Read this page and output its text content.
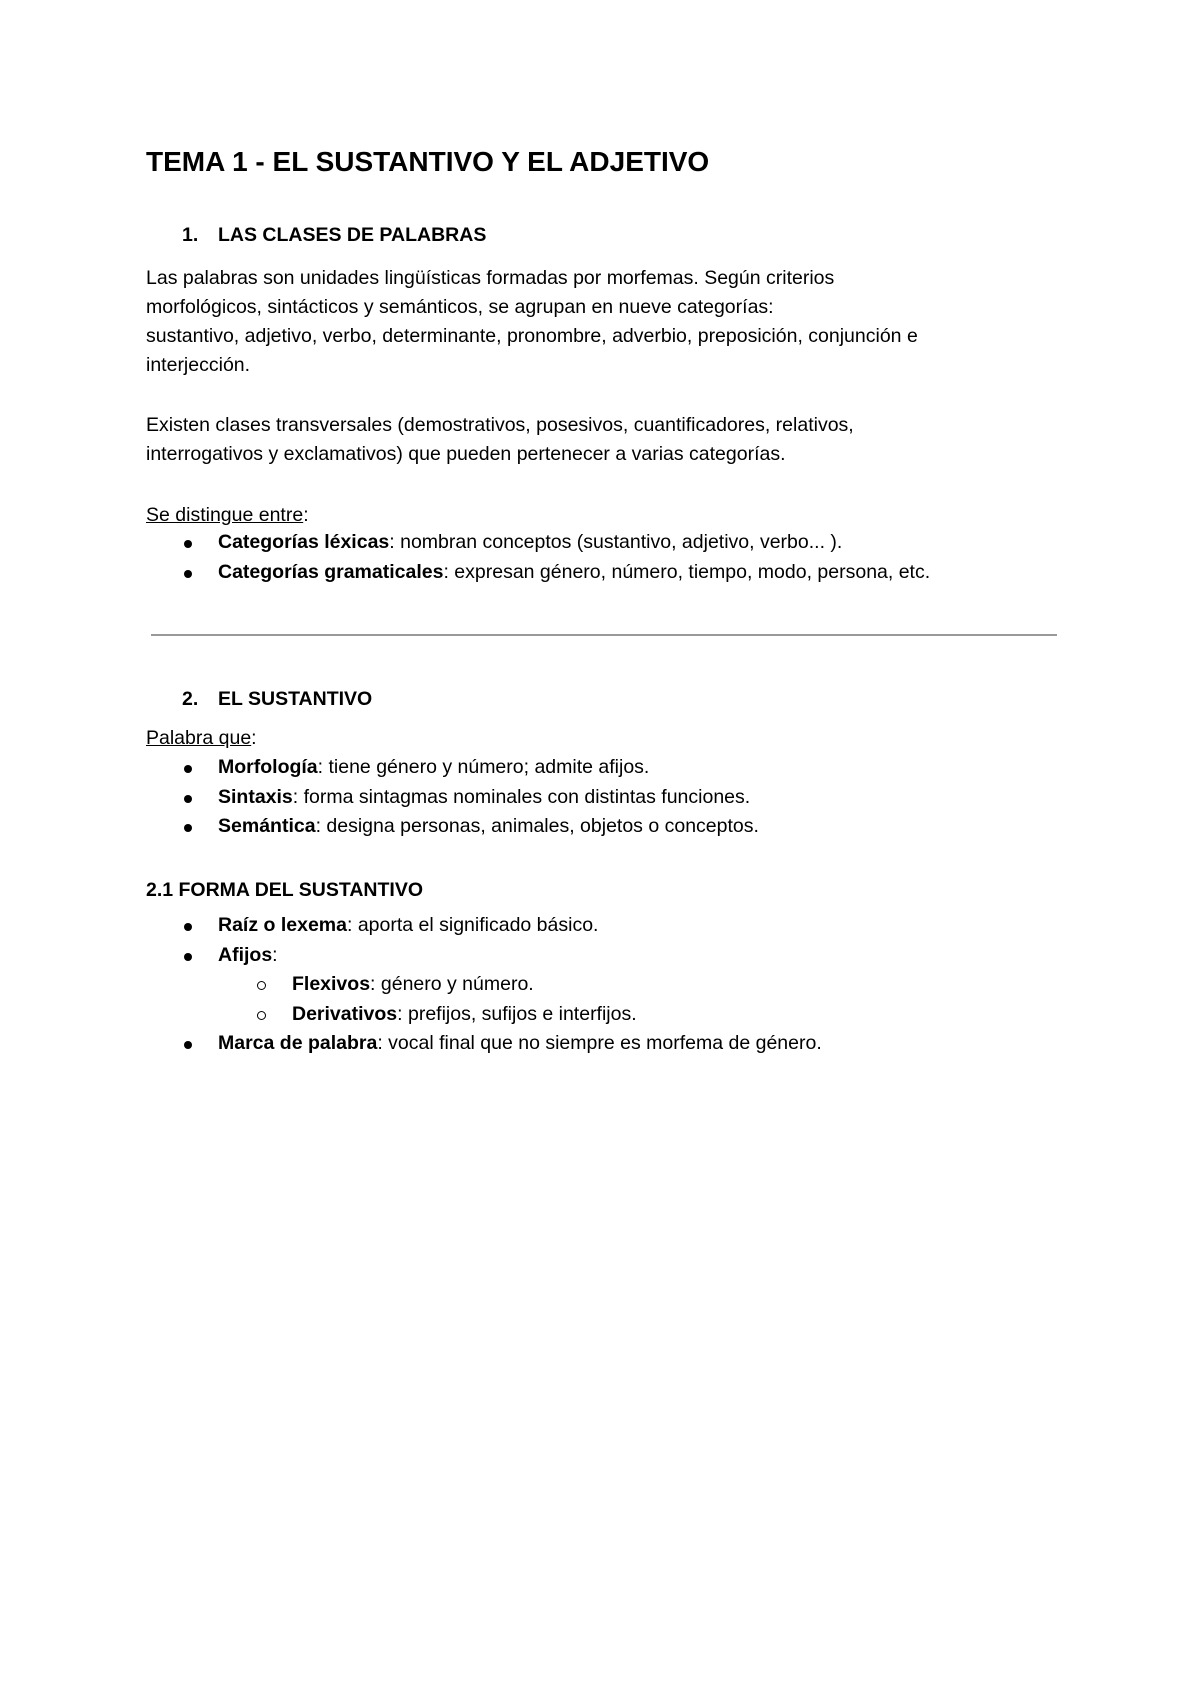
TEMA 1 - EL SUSTANTIVO Y EL ADJETIVO
1. LAS CLASES DE PALABRAS

Las palabras son unidades lingüísticas formadas por morfemas. Según criterios
morfológicos, sintácticos y semánticos, se agrupan en nueve categorías:
sustantivo, adjetivo, verbo, determinante, pronombre, adverbio, preposición, conjunción e
interjección.

Existen clases transversales (demostrativos, posesivos, cuantificadores, relativos,
interrogativos y exclamativos) que pueden pertenecer a varias categorías.

Se distingue entre:

Categorías léxicas: nombran conceptos (sustantivo, adjetivo, verbo... ).
Categorías gramaticales: expresan género, número, tiempo, modo, persona, etc.
2. EL SUSTANTIVO

Palabra que:

Morfología: tiene género y número; admite afijos.
Sintaxis: forma sintagmas nominales con distintas funciones.
Semántica: designa personas, animales, objetos o conceptos.
2.1 FORMA DEL SUSTANTIVO
Raíz o lexema: aporta el significado básico.
Afijos:
Flexivos: género y número.
Derivativos: prefijos, sufijos e interfijos.
Marca de palabra: vocal final que no siempre es morfema de género.
